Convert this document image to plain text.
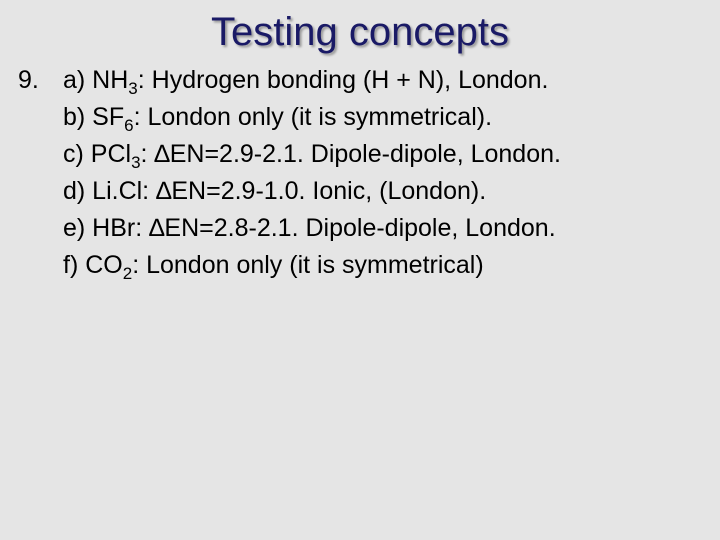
Testing concepts
9. a) $NH_3$: Hydrogen bonding (H + N), London.
b) $SF_6$: London only (it is symmetrical).
c) PCl$_3$: ∆EN=2.9-2.1. Dipole-dipole, London.
d) Li.Cl: ∆EN=2.9-1.0. Ionic, (London).
e) HBr: ∆EN=2.8-2.1. Dipole-dipole, London.
f) $CO_2$: London only (it is symmetrical)
